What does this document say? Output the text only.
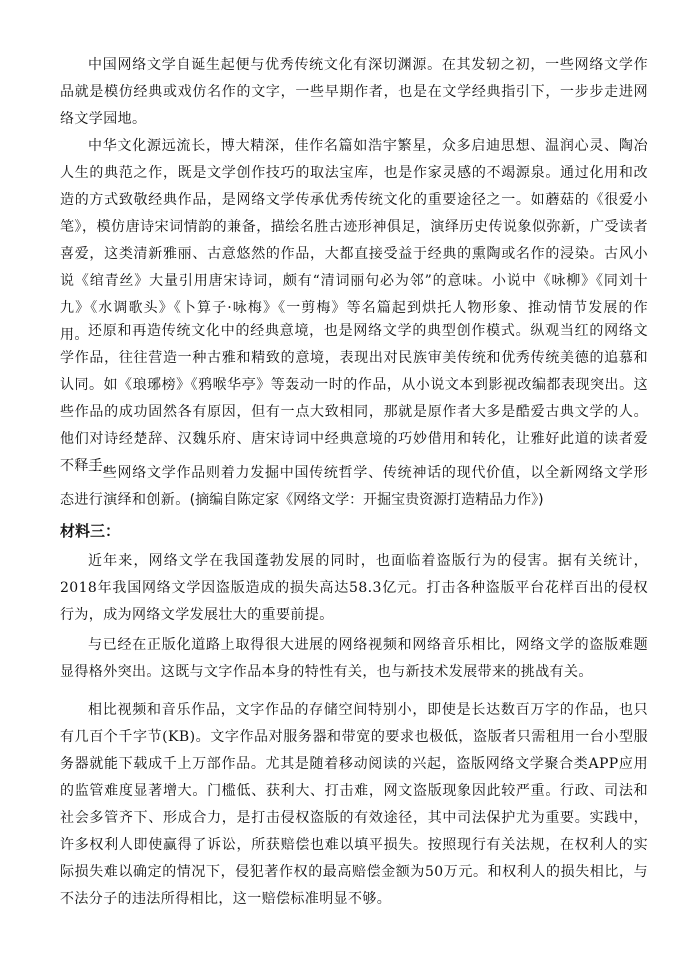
中国网络文学自诞生起便与优秀传统文化有深切渊源。在其发轫之初，一些网络文学作品就是模仿经典或戏仿名作的文字，一些早期作者，也是在文学经典指引下，一步步走进网络文学园地。

中华文化源远流长，博大精深，佳作名篇如浩宇繁星，众多启迪思想、温润心灵、陶冶人生的典范之作，既是文学创作技巧的取法宝库，也是作家灵感的不竭源泉。通过化用和改造的方式致敬经典作品，是网络文学传承优秀传统文化的重要途径之一。如蘑菇的《很爱小笔》，模仿唐诗宋词情韵的兼备，描绘名胜古迹形神俱足，演绎历史传说象似弥新，广受读者喜爱，这类清新雅丽、古意悠然的作品，大都直接受益于经典的熏陶或名作的浸染。古风小说《绾青丝》大量引用唐宋诗词，颇有“清词丽句必为邻”的意味。小说中《咏柳》《同刘十九》《水调歌头》《卜算子·咏梅》《一剪梅》等名篇起到烘托人物形象、推动情节发展的作用。 还原和再造传统文化中的经典意境，也是网络文学的典型创作模式。纵观当红的网络文学作品，往往营造一种古雅和精致的意境，表现出对民族审美传统和优秀传统美德的追慕和认同。如《琅琊榜》《鸦喉华亭》等轰动一时的作品，从小说文本到影视改编都表现突出。这些作品的成功固然各有原因，但有一点大致相同，那就是原作者大多是酷爱古典文学的人。他们对诗经楚辞、汉魏乐府、唐宋诗词中经典意境的巧妙借用和转化，让雅好此道的读者爱不释手。

一些网络文学作品则着力发掘中国传统哲学、传统神话的现代价值，以全新网络文学形态进行演绎和创新。(摘编自陈定家《网络文学：开掘宝贵资源打造精品力作》)

材料三：

近年来，网络文学在我国蓬勃发展的同时，也面临着盗版行为的侵害。据有关统计，2018年我国网络文学因盗版造成的损失高达58.3亿元。打击各种盗版平台花样百出的侵权行为，成为网络文学发展壮大的重要前提。

与已经在正版化道路上取得很大进展的网络视频和网络音乐相比，网络文学的盗版难题显得格外突出。这既与文字作品本身的特性有关，也与新技术发展带来的挑战有关。

相比视频和音乐作品，文字作品的存储空间特别小，即使是长达数百万字的作品，也只有几百个千字节(KB)。文字作品对服务器和带宽的要求也极低，盗版者只需租用一台小型服务器就能下载成千上万部作品。尤其是随着移动阅读的兴起，盗版网络文学聚合类APP应用的监管难度显著增大。门槛低、获利大、打击难，网文盗版现象因此较严重。行政、司法和社会多管齐下、形成合力，是打击侵权盗版的有效途径，其中司法保护尤为重要。实践中，许多权利人即使赢得了诉讼，所获赔偿也难以填平损失。按照现行有关法规，在权利人的实际损失难以确定的情况下，侵犯著作权的最高赔偿金额为50万元。和权利人的损失相比，与不法分子的违法所得相比，这一赔偿标准明显不够。
